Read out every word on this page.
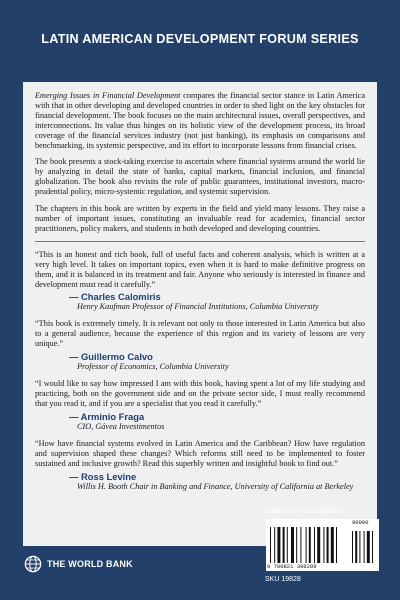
LATIN AMERICAN DEVELOPMENT FORUM SERIES

Emerging Issues in Financial Development compares the financial sector stance in Latin America with that in other developing and developed countries in order to shed light on the key obstacles for financial development. The book focuses on the main architectural issues, overall perspectives, and interconnections. Its value thus hinges on its holistic view of the development process, its broad coverage of the financial services industry (not just banking), its emphasis on comparisons and benchmarking, its systemic perspective, and its effort to incorporate lessons from financial crises.

The book presents a stock-taking exercise to ascertain where financial systems around the world lie by analyzing in detail the state of banks, capital markets, financial inclusion, and financial globalization. The book also revisits the role of public guarantees, institutional investors, macro-prudential policy, micro-systemic regulation, and systemic supervision.

The chapters in this book are written by experts in the field and yield many lessons. They raise a number of important issues, constituting an invaluable read for academics, financial sector practitioners, policy makers, and students in both developed and developing countries.

“This is an honest and rich book, full of useful facts and coherent analysis, which is written at a very high level. It takes on important topics, even when it is hard to make definitive progress on them, and it is balanced in its treatment and fair. Anyone who seriously is interested in finance and development must read it carefully.”

— Charles Calomiris
Henry Kaufman Professor of Financial Institutions, Columbia University

“This book is extremely timely. It is relevant not only to those interested in Latin America but also to a general audience, because the experience of this region and its variety of lessons are very unique.”

— Guillermo Calvo
Professor of Economics, Columbia University

“I would like to say how impressed I am with this book, having spent a lot of my life studying and practicing, both on the government side and on the private sector side, I must really recommend that you read it, and if you are a specialist that you read it carefully.”

— Arminio Fraga
CIO, Gávea Investimentos

“How have financial systems evolved in Latin America and the Caribbean? How have regulation and supervision shaped these changes? Which reforms still need to be implemented to foster sustained and inclusive growth? Read this superbly written and insightful book to find out.”

— Ross Levine
Willis H. Booth Chair in Banking and Finance, University of California at Berkeley
THE WORLD BANK
ISBN 978-0-8213-9828-9
9 780821 398289
90000
SKU 19828
